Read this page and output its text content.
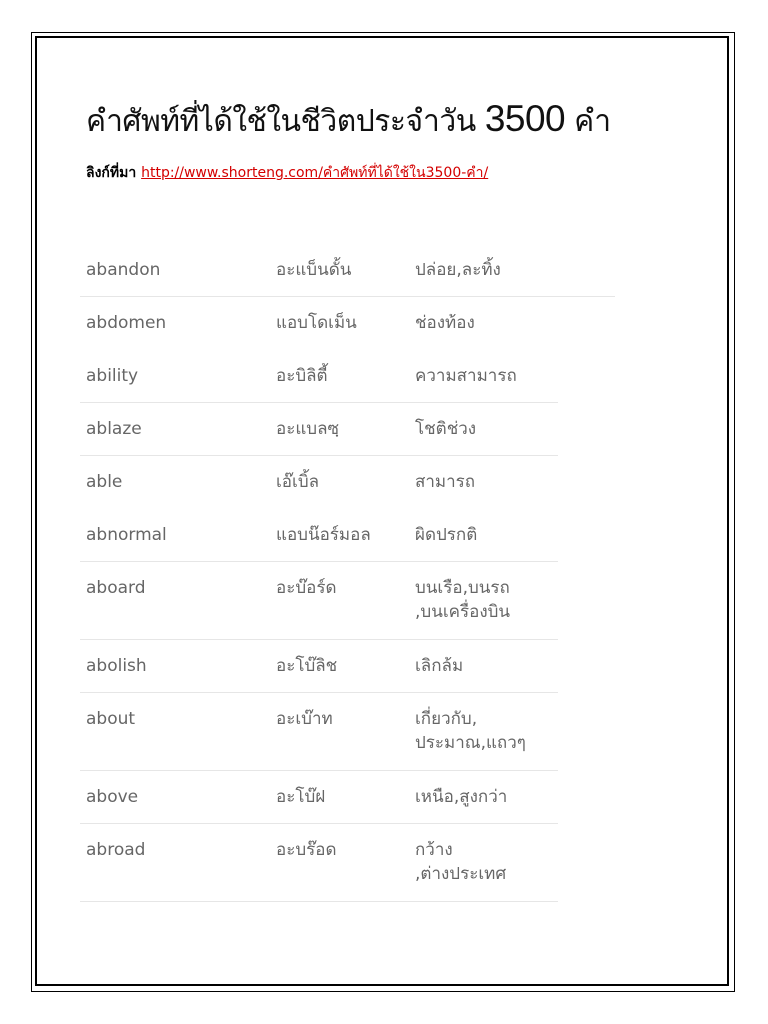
คำศัพท์ที่ได้ใช้ในชีวิตประจำวัน 3500 คำ
ลิงก์ที่มา http://www.shorteng.com/คำศัพท์ที่ได้ใช้ใน3500-คำ/
abandon	อะแบ็นดั้น	ปล่อย,ละทิ้ง
abdomen	แอบโดเม็น	ช่องท้อง
ability	อะบิลิตี้	ความสามารถ
ablaze	อะแบลซฺ	โชติช่วง
able	เอ๊เบิ้ล	สามารถ
abnormal	แอบน๊อร์มอล	ผิดปรกติ
aboard	อะบ๊อร์ด	บนเรือ,บนรถ
,บนเครื่องบิน
abolish	อะโบ๊ลิช	เลิกล้ม
about	อะเบ๊าท	เกี่ยวกับ,
ประมาณ,แถวๆ
above	อะโบ๊ฝ	เหนือ,สูงกว่า
abroad	อะบร๊อด	กว้าง
,ต่างประเทศ
